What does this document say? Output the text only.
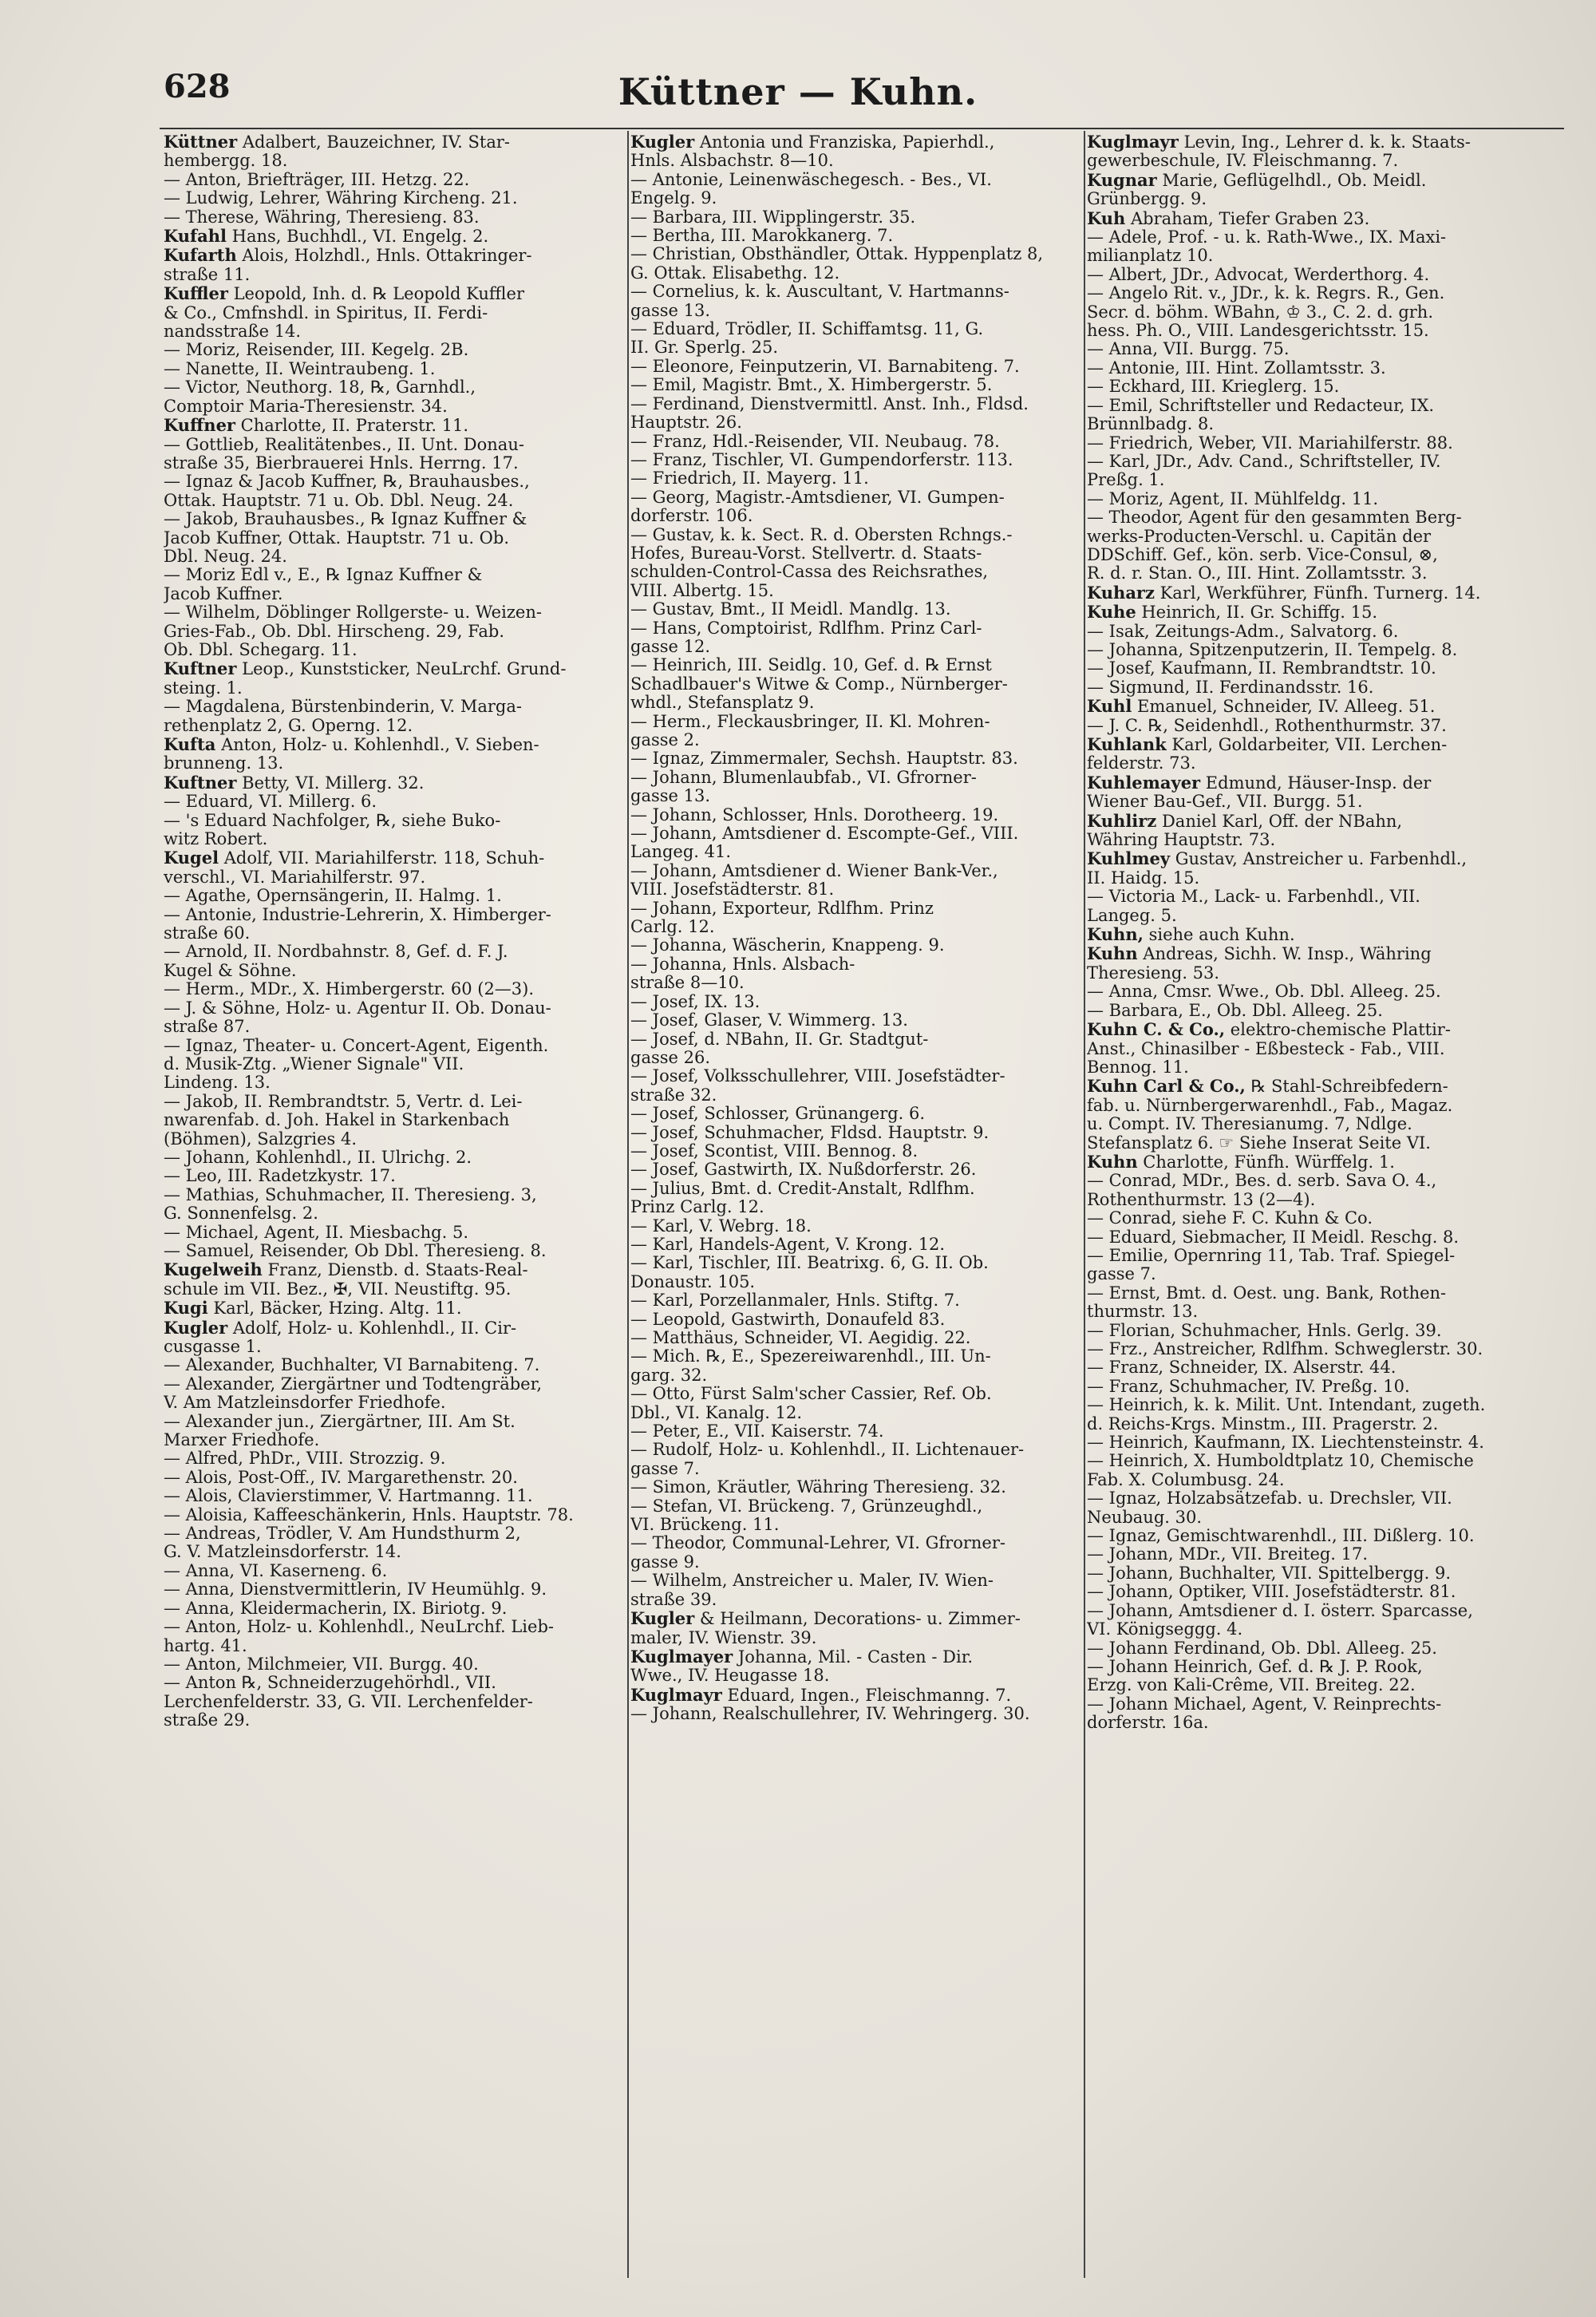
628	Küttner — Kuhn.
Küttner Adalbert, Bauzeichner, IV. Star-
hembergg. 18.
— Anton, Briefträger, III. Hetzg. 22.
— Ludwig, Lehrer, Währing Kircheng. 21.
— Therese, Währing, Theresieng. 83.
Kufahl Hans, Buchhdl., VI. Engelg. 2.
Kufarth Alois, Holzhdl., Hnls. Ottakringer-
straße 11.
Kuffler Leopold, Inh. d. ℞ Leopold Kuffler
& Co., Cmfnshdl. in Spiritus, II. Ferdi-
nandsstraße 14.
— Moriz, Reisender, III. Kegelg. 2B.
— Nanette, II. Weintraubeng. 1.
— Victor, Neuthorg. 18, ℞, Garnhdl.,
Comptoir Maria-Theresienstr. 34.
Kuffner Charlotte, II. Praterstr. 11.
— Gottlieb, Realitätenbes., II. Unt. Donau-
straße 35, Bierbrauerei Hnls. Herrng. 17.
— Ignaz & Jacob Kuffner, ℞, Brauhausbes.,
Ottak. Hauptstr. 71 u. Ob. Dbl. Neug. 24.
— Jakob, Brauhausbes., ℞ Ignaz Kuffner &
Jacob Kuffner, Ottak. Hauptstr. 71 u. Ob.
Dbl. Neug. 24.
— Moriz Edl v., E., ℞ Ignaz Kuffner &
Jacob Kuffner.
— Wilhelm, Döblinger Rollgerste- u. Weizen-
Gries-Fab., Ob. Dbl. Hirscheng. 29, Fab.
Ob. Dbl. Schegarg. 11.
Kuftner Leop., Kunststicker, NeuLrchf. Grund-
steing. 1.
— Magdalena, Bürstenbinderin, V. Marga-
rethenplatz 2, G. Operng. 12.
Kufta Anton, Holz- u. Kohlenhdl., V. Sieben-
brunneng. 13.
Kuftner Betty, VI. Millerg. 32.
— Eduard, VI. Millerg. 6.
— 's Eduard Nachfolger, ℞, siehe Buko-
witz Robert.
Kugel Adolf, VII. Mariahilferstr. 118, Schuh-
verschl., VI. Mariahilferstr. 97.
— Agathe, Opernsängerin, II. Halmg. 1.
— Antonie, Industrie-Lehrerin, X. Himberger-
straße 60.
— Arnold, II. Nordbahnstr. 8, Gef. d. F. J.
Kugel & Söhne.
— Herm., MDr., X. Himbergerstr. 60 (2—3).
— J. & Söhne, Holz- u. Agentur II. Ob. Donau-
straße 87.
— Ignaz, Theater- u. Concert-Agent, Eigenth.
d. Musik-Ztg. „Wiener Signale" VII.
Lindeng. 13.
— Jakob, II. Rembrandtstr. 5, Vertr. d. Lei-
nwarenfab. d. Joh. Hakel in Starkenbach
(Böhmen), Salzgries 4.
— Johann, Kohlenhdl., II. Ulrichg. 2.
— Leo, III. Radetzkystr. 17.
— Mathias, Schuhmacher, II. Theresieng. 3,
G. Sonnenfelsg. 2.
— Michael, Agent, II. Miesbachg. 5.
— Samuel, Reisender, Ob Dbl. Theresieng. 8.
Kugelweih Franz, Dienstb. d. Staats-Real-
schule im VII. Bez., ✠, VII. Neustiftg. 95.
Kugi Karl, Bäcker, Hzing. Altg. 11.
Kugler Adolf, Holz- u. Kohlenhdl., II. Cir-
cusgasse 1.
— Alexander, Buchhalter, VI Barnabiteng. 7.
— Alexander, Ziergärtner und Todtengräber,
V. Am Matzleinsdorfer Friedhofe.
— Alexander jun., Ziergärtner, III. Am St.
Marxer Friedhofe.
— Alfred, PhDr., VIII. Strozzig. 9.
— Alois, Post-Off., IV. Margarethenstr. 20.
— Alois, Clavierstimmer, V. Hartmanng. 11.
— Aloisia, Kaffeeschänkerin, Hnls. Hauptstr. 78.
— Andreas, Trödler, V. Am Hundsthurm 2,
G. V. Matzleinsdorferstr. 14.
— Anna, VI. Kaserneng. 6.
— Anna, Dienstvermittlerin, IV Heumühlg. 9.
— Anna, Kleidermacherin, IX. Biriotg. 9.
— Anton, Holz- u. Kohlenhdl., NeuLrchf. Lieb-
hartg. 41.
— Anton, Milchmeier, VII. Burgg. 40.
— Anton ℞, Schneiderzugehörhdl., VII.
Lerchenfelderstr. 33, G. VII. Lerchenfelder-
straße 29.
Kugler Antonia und Franziska, Papierhdl.,
Hnls. Alsbachstr. 8—10.
— Antonie, Leinenwäschegesch. - Bes., VI.
Engelg. 9.
— Barbara, III. Wipplingerstr. 35.
— Bertha, III. Marokkanerg. 7.
— Christian, Obsthändler, Ottak. Hyppenplatz 8,
G. Ottak. Elisabethg. 12.
— Cornelius, k. k. Auscultant, V. Hartmanns-
gasse 13.
— Eduard, Trödler, II. Schiffamtsg. 11, G.
II. Gr. Sperlg. 25.
— Eleonore, Feinputzerin, VI. Barnabiteng. 7.
— Emil, Magistr. Bmt., X. Himbergerstr. 5.
— Ferdinand, Dienstvermittl. Anst. Inh., Fldsd.
Hauptstr. 26.
— Franz, Hdl.-Reisender, VII. Neubaug. 78.
— Franz, Tischler, VI. Gumpendorferstr. 113.
— Friedrich, II. Mayerg. 11.
— Georg, Magistr.-Amtsdiener, VI. Gumpen-
dorferstr. 106.
— Gustav, k. k. Sect. R. d. Obersten Rchngs.-
Hofes, Bureau-Vorst. Stellvertr. d. Staats-
schulden-Control-Cassa des Reichsrathes,
VIII. Albertg. 15.
— Gustav, Bmt., II Meidl. Mandlg. 13.
— Hans, Comptoirist, Rdlfhm. Prinz Carl-
gasse 12.
— Heinrich, III. Seidlg. 10, Gef. d. ℞ Ernst
Schadlbauer's Witwe & Comp., Nürnberger-
whdl., Stefansplatz 9.
— Herm., Fleckausbringer, II. Kl. Mohren-
gasse 2.
— Ignaz, Zimmermaler, Sechsh. Hauptstr. 83.
— Johann, Blumenlaubfab., VI. Gfrorner-
gasse 13.
— Johann, Schlosser, Hnls. Dorotheerg. 19.
— Johann, Amtsdiener d. Escompte-Gef., VIII.
Langeg. 41.
— Johann, Amtsdiener d. Wiener Bank-Ver.,
VIII. Josefstädterstr. 81.
— Johann, Exporteur, Rdlfhm. Prinz
Carlg. 12.
— Johanna, Wäscherin, Knappeng. 9.
— Johanna, Hnls. Alsbach-
straße 8—10.
— Josef, IX. 13.
— Josef, Glaser, V. Wimmerg. 13.
— Josef, d. NBahn, II. Gr. Stadtgut-
gasse 26.
— Josef, Volksschullehrer, VIII. Josefstädter-
straße 32.
— Josef, Schlosser, Grünangerg. 6.
— Josef, Schuhmacher, Fldsd. Hauptstr. 9.
— Josef, Scontist, VIII. Bennog. 8.
— Josef, Gastwirth, IX. Nußdorferstr. 26.
— Julius, Bmt. d. Credit-Anstalt, Rdlfhm.
Prinz Carlg. 12.
— Karl, V. Webrg. 18.
— Karl, Handels-Agent, V. Krong. 12.
— Karl, Tischler, III. Beatrixg. 6, G. II. Ob.
Donaustr. 105.
— Karl, Porzellanmaler, Hnls. Stiftg. 7.
— Leopold, Gastwirth, Donaufeld 83.
— Matthäus, Schneider, VI. Aegidig. 22.
— Mich. ℞, E., Spezereiwarenhdl., III. Un-
garg. 32.
— Otto, Fürst Salm'scher Cassier, Ref. Ob.
Dbl., VI. Kanalg. 12.
— Peter, E., VII. Kaiserstr. 74.
— Rudolf, Holz- u. Kohlenhdl., II. Lichtenauer-
gasse 7.
— Simon, Kräutler, Währing Theresieng. 32.
— Stefan, VI. Brückeng. 7, Grünzeughdl.,
VI. Brückeng. 11.
— Theodor, Communal-Lehrer, VI. Gfrorner-
gasse 9.
— Wilhelm, Anstreicher u. Maler, IV. Wien-
straße 39.
Kugler & Heilmann, Decorations- u. Zimmer-
maler, IV. Wienstr. 39.
Kuglmayer Johanna, Mil. - Casten - Dir.
Wwe., IV. Heugasse 18.
Kuglmayr Eduard, Ingen., Fleischmanng. 7.
— Johann, Realschullehrer, IV. Wehringerg. 30.
Kuglmayr Levin, Ing., Lehrer d. k. k. Staats-
gewerbeschule, IV. Fleischmanng. 7.
Kugnar Marie, Geflügelhdl., Ob. Meidl.
Grünbergg. 9.
Kuh Abraham, Tiefer Graben 23.
— Adele, Prof. - u. k. Rath-Wwe., IX. Maxi-
milianplatz 10.
— Albert, JDr., Advocat, Werderthorg. 4.
— Angelo Rit. v., JDr., k. k. Regrs. R., Gen.
Secr. d. böhm. WBahn, ♔ 3., C. 2. d. grh.
hess. Ph. O., VIII. Landesgerichtsstr. 15.
— Anna, VII. Burgg. 75.
— Antonie, III. Hint. Zollamtsstr. 3.
— Eckhard, III. Krieglerg. 15.
— Emil, Schriftsteller und Redacteur, IX.
Brünnlbadg. 8.
— Friedrich, Weber, VII. Mariahilferstr. 88.
— Karl, JDr., Adv. Cand., Schriftsteller, IV.
Preßg. 1.
— Moriz, Agent, II. Mühlfeldg. 11.
— Theodor, Agent für den gesammten Berg-
werks-Producten-Verschl. u. Capitän der
DDSchiff. Gef., kön. serb. Vice-Consul, ⊗,
R. d. r. Stan. O., III. Hint. Zollamtsstr. 3.
Kuharz Karl, Werkführer, Fünfh. Turnerg. 14.
Kuhe Heinrich, II. Gr. Schiffg. 15.
— Isak, Zeitungs-Adm., Salvatorg. 6.
— Johanna, Spitzenputzerin, II. Tempelg. 8.
— Josef, Kaufmann, II. Rembrandtstr. 10.
— Sigmund, II. Ferdinandsstr. 16.
Kuhl Emanuel, Schneider, IV. Alleeg. 51.
— J. C. ℞, Seidenhdl., Rothenthurmstr. 37.
Kuhlank Karl, Goldarbeiter, VII. Lerchen-
felderstr. 73.
Kuhlemayer Edmund, Häuser-Insp. der
Wiener Bau-Gef., VII. Burgg. 51.
Kuhlirz Daniel Karl, Off. der NBahn,
Währing Hauptstr. 73.
Kuhlmey Gustav, Anstreicher u. Farbenhdl.,
II. Haidg. 15.
— Victoria M., Lack- u. Farbenhdl., VII.
Langeg. 5.
Kuhn, siehe auch Kuhn.
Kuhn Andreas, Sichh. W. Insp., Währing
Theresieng. 53.
— Anna, Cmsr. Wwe., Ob. Dbl. Alleeg. 25.
— Barbara, E., Ob. Dbl. Alleeg. 25.
Kuhn C. & Co., elektro-chemische Plattir-
Anst., Chinasilber - Eßbesteck - Fab., VIII.
Bennog. 11.
Kuhn Carl & Co., ℞ Stahl-Schreibfedern-
fab. u. Nürnbergerwarenhdl., Fab., Magaz.
u. Compt. IV. Theresianumg. 7, Ndlge.
Stefansplatz 6. ☞ Siehe Inserat Seite VI.
Kuhn Charlotte, Fünfh. Würffelg. 1.
— Conrad, MDr., Bes. d. serb. Sava O. 4.,
Rothenthurmstr. 13 (2—4).
— Conrad, siehe F. C. Kuhn & Co.
— Eduard, Siebmacher, II Meidl. Reschg. 8.
— Emilie, Opernring 11, Tab. Traf. Spiegel-
gasse 7.
— Ernst, Bmt. d. Oest. ung. Bank, Rothen-
thurmstr. 13.
— Florian, Schuhmacher, Hnls. Gerlg. 39.
— Frz., Anstreicher, Rdlfhm. Schweglerstr. 30.
— Franz, Schneider, IX. Alserstr. 44.
— Franz, Schuhmacher, IV. Preßg. 10.
— Heinrich, k. k. Milit. Unt. Intendant, zugeth.
d. Reichs-Krgs. Minstm., III. Pragerstr. 2.
— Heinrich, Kaufmann, IX. Liechtensteinstr. 4.
— Heinrich, X. Humboldtplatz 10, Chemische
Fab. X. Columbusg. 24.
— Ignaz, Holzabsätzefab. u. Drechsler, VII.
Neubaug. 30.
— Ignaz, Gemischtwarenhdl., III. Dißlerg. 10.
— Johann, MDr., VII. Breiteg. 17.
— Johann, Buchhalter, VII. Spittelbergg. 9.
— Johann, Optiker, VIII. Josefstädterstr. 81.
— Johann, Amtsdiener d. I. österr. Sparcasse,
VI. Königseggg. 4.
— Johann Ferdinand, Ob. Dbl. Alleeg. 25.
— Johann Heinrich, Gef. d. ℞ J. P. Rook,
Erzg. von Kali-Crême, VII. Breiteg. 22.
— Johann Michael, Agent, V. Reinprechts-
dorferstr. 16a.
